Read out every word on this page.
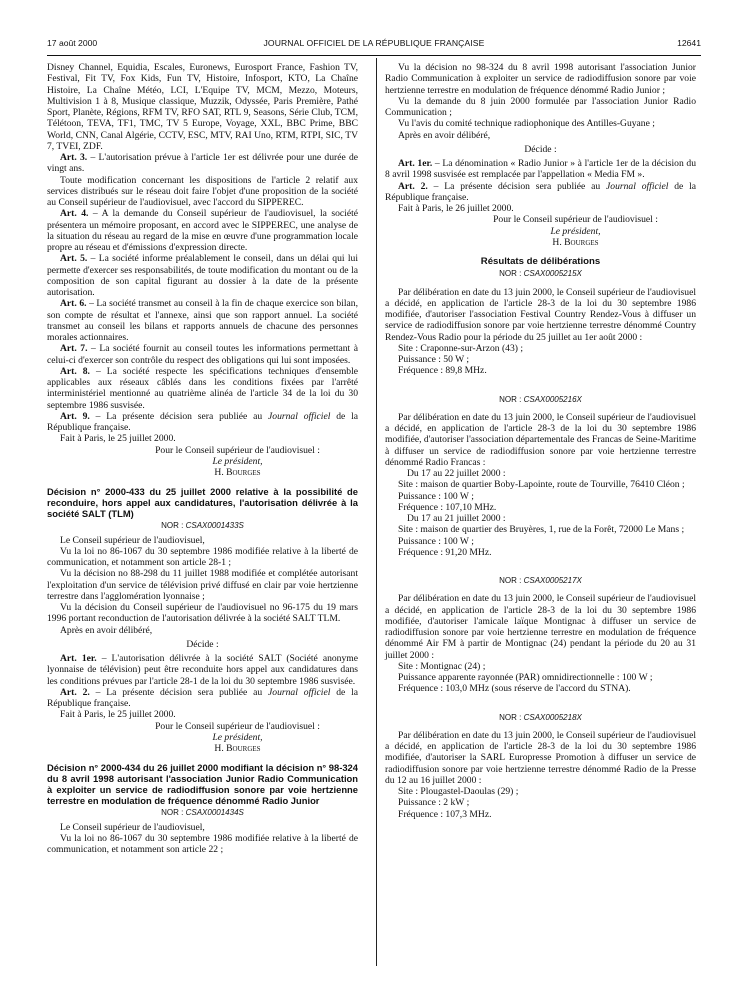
17 août 2000	JOURNAL OFFICIEL DE LA RÉPUBLIQUE FRANÇAISE	12641

Disney Channel, Equidia, Escales, Euronews, Eurosport France, Fashion TV, Festival, Fit TV, Fox Kids, Fun TV, Histoire, Infosport, KTO, La Chaîne Histoire, La Chaîne Météo, LCI, L'Equipe TV, MCM, Mezzo, Moteurs, Multivision 1 à 8, Musique classique, Muzzik, Odyssée, Paris Première, Pathé Sport, Planète, Régions, RFM TV, RFO SAT, RTL 9, Seasons, Série Club, TCM, Télétoon, TEVA, TF1, TMC, TV 5 Europe, Voyage, XXL, BBC Prime, BBC World, CNN, Canal Algérie, CCTV, ESC, MTV, RAI Uno, RTM, RTPI, SIC, TV 7, TVEI, ZDF.

Art. 3. – L'autorisation prévue à l'article 1er est délivrée pour une durée de vingt ans.

Toute modification concernant les dispositions de l'article 2 relatif aux services distribués sur le réseau doit faire l'objet d'une proposition de la société au Conseil supérieur de l'audiovisuel, avec l'accord du SIPPEREC.

Art. 4. – A la demande du Conseil supérieur de l'audiovisuel, la société présentera un mémoire proposant, en accord avec le SIPPEREC, une analyse de la situation du réseau au regard de la mise en œuvre d'une programmation locale propre au réseau et d'émissions d'expression directe.

Art. 5. – La société informe préalablement le conseil, dans un délai qui lui permette d'exercer ses responsabilités, de toute modification du montant ou de la composition de son capital figurant au dossier à la date de la présente autorisation.

Art. 6. – La société transmet au conseil à la fin de chaque exercice son bilan, son compte de résultat et l'annexe, ainsi que son rapport annuel. La société transmet au conseil les bilans et rapports annuels de chacune des personnes morales actionnaires.

Art. 7. – La société fournit au conseil toutes les informations permettant à celui-ci d'exercer son contrôle du respect des obligations qui lui sont imposées.

Art. 8. – La société respecte les spécifications techniques d'ensemble applicables aux réseaux câblés dans les conditions fixées par l'arrêté interministériel mentionné au quatrième alinéa de l'article 34 de la loi du 30 septembre 1986 susvisée.

Art. 9. – La présente décision sera publiée au Journal officiel de la République française.

Fait à Paris, le 25 juillet 2000.

Pour le Conseil supérieur de l'audiovisuel :

Le président,

H. Bourges

Décision n° 2000-433 du 25 juillet 2000 relative à la possibilité de reconduire, hors appel aux candidatures, l'autorisation délivrée à la société SALT (TLM)

NOR : CSAX0001433S

Le Conseil supérieur de l'audiovisuel,

Vu la loi no 86-1067 du 30 septembre 1986 modifiée relative à la liberté de communication, et notamment son article 28-1 ;

Vu la décision no 88-298 du 11 juillet 1988 modifiée et complétée autorisant l'exploitation d'un service de télévision privé diffusé en clair par voie hertzienne terrestre dans l'agglomération lyonnaise ;

Vu la décision du Conseil supérieur de l'audiovisuel no 96-175 du 19 mars 1996 portant reconduction de l'autorisation délivrée à la société SALT TLM.

Après en avoir délibéré,

Décide :

Art. 1er. – L'autorisation délivrée à la société SALT (Société anonyme lyonnaise de télévision) peut être reconduite hors appel aux candidatures dans les conditions prévues par l'article 28-1 de la loi du 30 septembre 1986 susvisée.

Art. 2. – La présente décision sera publiée au Journal officiel de la République française.

Fait à Paris, le 25 juillet 2000.

Pour le Conseil supérieur de l'audiovisuel :

Le président,

H. Bourges

Décision n° 2000-434 du 26 juillet 2000 modifiant la décision n° 98-324 du 8 avril 1998 autorisant l'association Junior Radio Communication à exploiter un service de radiodiffusion sonore par voie hertzienne terrestre en modulation de fréquence dénommé Radio Junior

NOR : CSAX0001434S

Le Conseil supérieur de l'audiovisuel,

Vu la loi no 86-1067 du 30 septembre 1986 modifiée relative à la liberté de communication, et notamment son article 22 ;

Vu la décision no 98-324 du 8 avril 1998 autorisant l'association Junior Radio Communication à exploiter un service de radiodiffusion sonore par voie hertzienne terrestre en modulation de fréquence dénommé Radio Junior ;

Vu la demande du 8 juin 2000 formulée par l'association Junior Radio Communication ;

Vu l'avis du comité technique radiophonique des Antilles-Guyane ;

Après en avoir délibéré,

Décide :

Art. 1er. – La dénomination « Radio Junior » à l'article 1er de la décision du 8 avril 1998 susvisée est remplacée par l'appellation « Media FM ».

Art. 2. – La présente décision sera publiée au Journal officiel de la République française.

Fait à Paris, le 26 juillet 2000.

Pour le Conseil supérieur de l'audiovisuel :

Le président,

H. Bourges

Résultats de délibérations

NOR : CSAX0005215X

Par délibération en date du 13 juin 2000, le Conseil supérieur de l'audiovisuel a décidé, en application de l'article 28-3 de la loi du 30 septembre 1986 modifiée, d'autoriser l'association Festival Country Rendez-Vous à diffuser un service de radiodiffusion sonore par voie hertzienne terrestre dénommé Country Rendez-Vous Radio pour la période du 25 juillet au 1er août 2000 :

Site : Craponne-sur-Arzon (43) ;

Puissance : 50 W ;

Fréquence : 89,8 MHz.

NOR : CSAX0005216X

Par délibération en date du 13 juin 2000, le Conseil supérieur de l'audiovisuel a décidé, en application de l'article 28-3 de la loi du 30 septembre 1986 modifiée, d'autoriser l'association départementale des Francas de Seine-Maritime à diffuser un service de radiodiffusion sonore par voie hertzienne terrestre dénommé Radio Francas :

Du 17 au 22 juillet 2000 :

Site : maison de quartier Boby-Lapointe, route de Tourville, 76410 Cléon ;

Puissance : 100 W ;

Fréquence : 107,10 MHz.

Du 17 au 21 juillet 2000 :

Site : maison de quartier des Bruyères, 1, rue de la Forêt, 72000 Le Mans ;

Puissance : 100 W ;

Fréquence : 91,20 MHz.

NOR : CSAX0005217X

Par délibération en date du 13 juin 2000, le Conseil supérieur de l'audiovisuel a décidé, en application de l'article 28-3 de la loi du 30 septembre 1986 modifiée, d'autoriser l'amicale laïque Montignac à diffuser un service de radiodiffusion sonore par voie hertzienne terrestre en modulation de fréquence dénommé Air FM à partir de Montignac (24) pendant la période du 20 au 31 juillet 2000 :

Site : Montignac (24) ;

Puissance apparente rayonnée (PAR) omnidirectionnelle : 100 W ;

Fréquence : 103,0 MHz (sous réserve de l'accord du STNA).

NOR : CSAX0005218X

Par délibération en date du 13 juin 2000, le Conseil supérieur de l'audiovisuel a décidé, en application de l'article 28-3 de la loi du 30 septembre 1986 modifiée, d'autoriser la SARL Europresse Promotion à diffuser un service de radiodiffusion sonore par voie hertzienne terrestre dénommé Radio de la Presse du 12 au 16 juillet 2000 :

Site : Plougastel-Daoulas (29) ;

Puissance : 2 kW ;

Fréquence : 107,3 MHz.
